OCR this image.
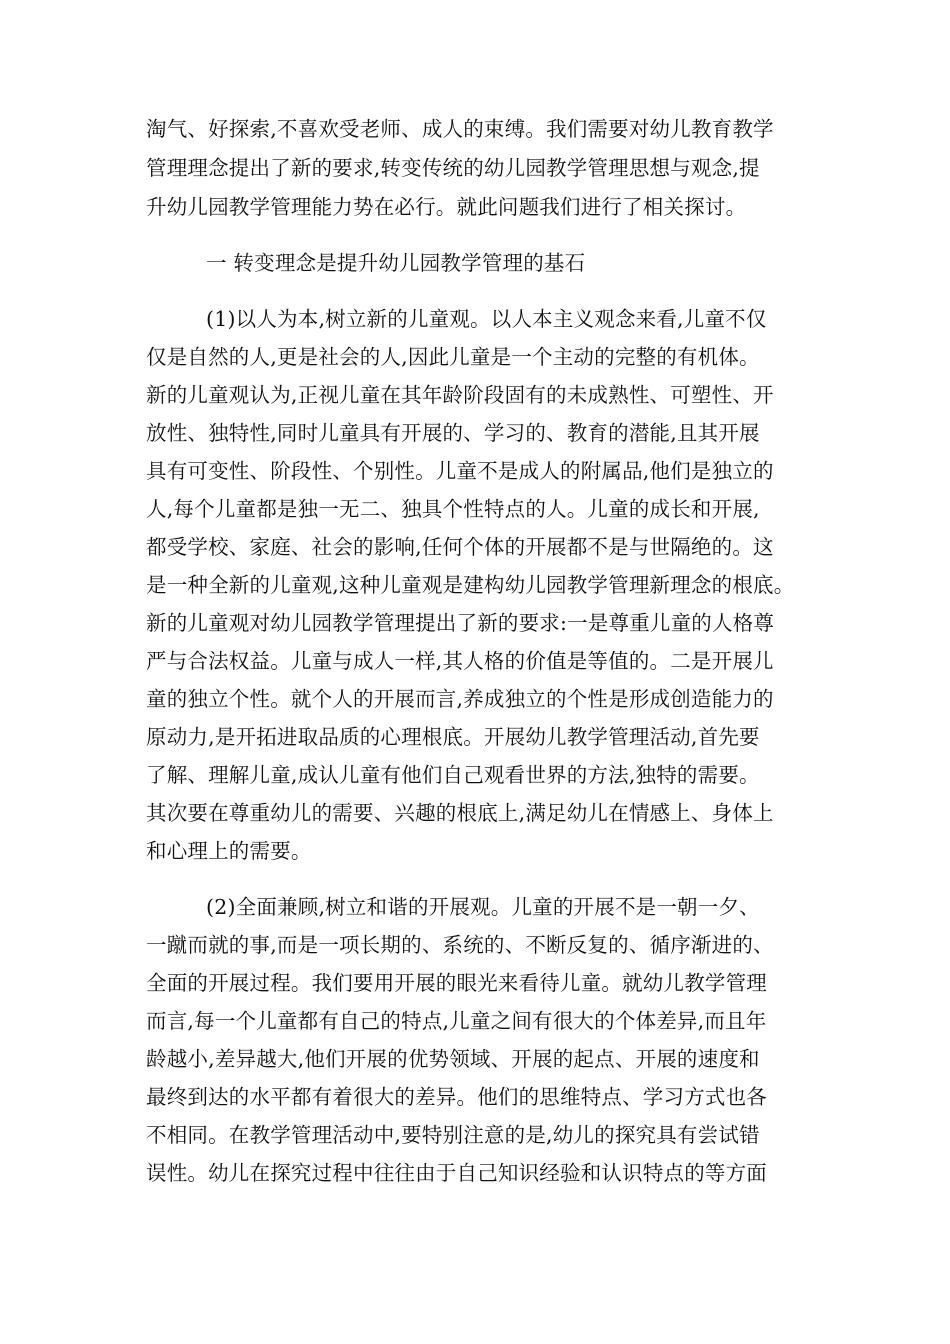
淘气、好探索,不喜欢受老师、成人的束缚。我们需要对幼儿教育教学
管理理念提出了新的要求,转变传统的幼儿园教学管理思想与观念,提
升幼儿园教学管理能力势在必行。就此问题我们进行了相关探讨。
一 转变理念是提升幼儿园教学管理的基石
(1)以人为本,树立新的儿童观。以人本主义观念来看,儿童不仅
仅是自然的人,更是社会的人,因此儿童是一个主动的完整的有机体。
新的儿童观认为,正视儿童在其年龄阶段固有的未成熟性、可塑性、开
放性、独特性,同时儿童具有开展的、学习的、教育的潜能,且其开展
具有可变性、阶段性、个别性。儿童不是成人的附属品,他们是独立的
人,每个儿童都是独一无二、独具个性特点的人。儿童的成长和开展,
都受学校、家庭、社会的影响,任何个体的开展都不是与世隔绝的。这
是一种全新的儿童观,这种儿童观是建构幼儿园教学管理新理念的根底。
新的儿童观对幼儿园教学管理提出了新的要求:一是尊重儿童的人格尊
严与合法权益。儿童与成人一样,其人格的价值是等值的。二是开展儿
童的独立个性。就个人的开展而言,养成独立的个性是形成创造能力的
原动力,是开拓进取品质的心理根底。开展幼儿教学管理活动,首先要
了解、理解儿童,成认儿童有他们自己观看世界的方法,独特的需要。
其次要在尊重幼儿的需要、兴趣的根底上,满足幼儿在情感上、身体上
和心理上的需要。
(2)全面兼顾,树立和谐的开展观。儿童的开展不是一朝一夕、
一蹴而就的事,而是一项长期的、系统的、不断反复的、循序渐进的、
全面的开展过程。我们要用开展的眼光来看待儿童。就幼儿教学管理
而言,每一个儿童都有自己的特点,儿童之间有很大的个体差异,而且年
龄越小,差异越大,他们开展的优势领域、开展的起点、开展的速度和
最终到达的水平都有着很大的差异。他们的思维特点、学习方式也各
不相同。在教学管理活动中,要特别注意的是,幼儿的探究具有尝试错
误性。幼儿在探究过程中往往由于自己知识经验和认识特点的等方面
